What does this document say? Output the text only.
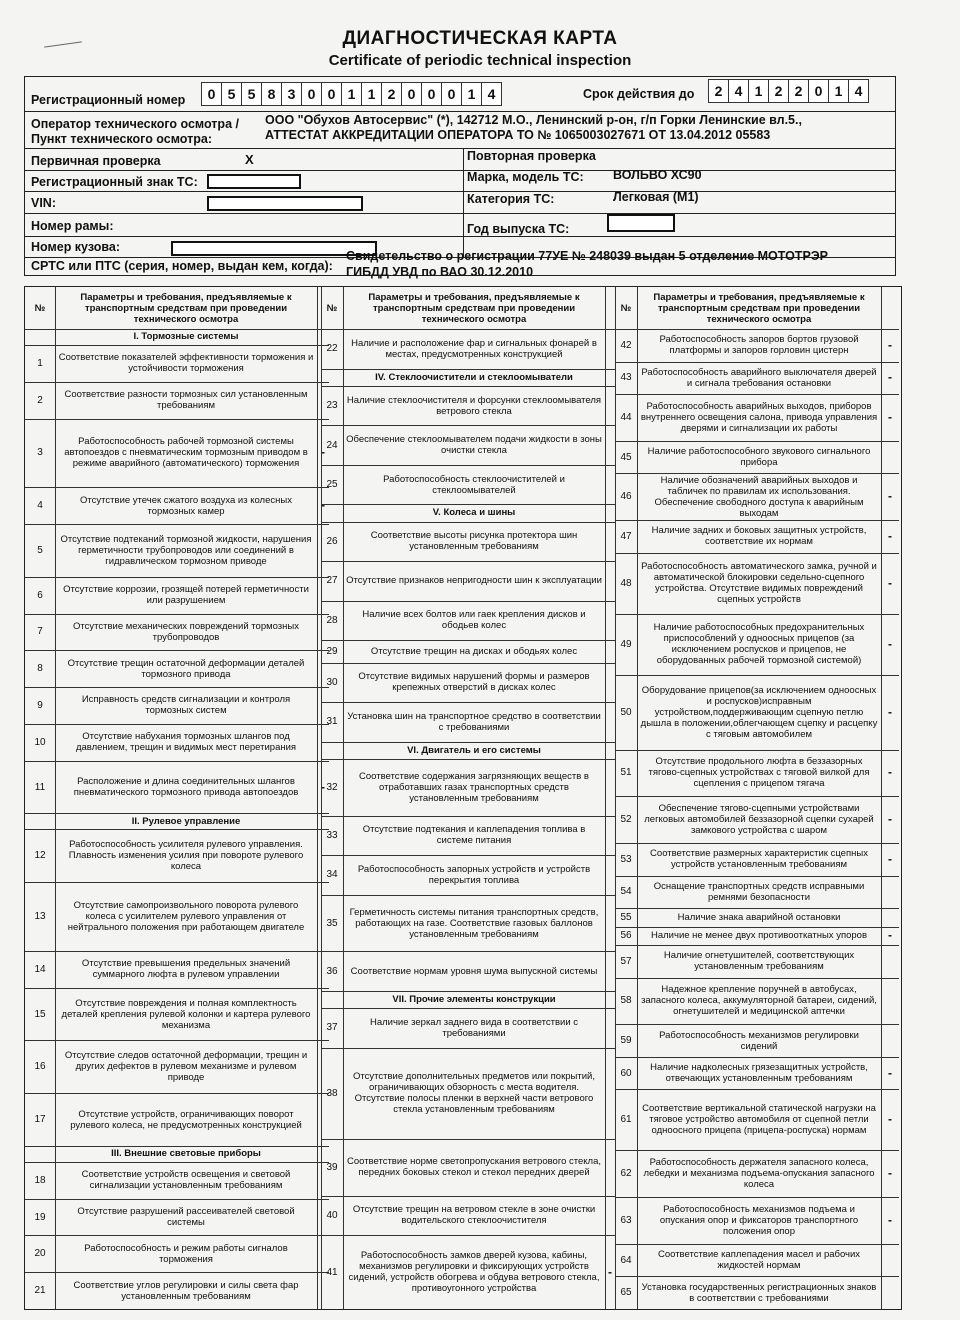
ДИАГНОСТИЧЕСКАЯ КАРТА
Certificate of periodic technical inspection
Регистрационный номер	0 5 5 8 3 0 0 1 1 2 0 0 0 1 4	Срок действия до	2 4 1 2 2 0 1 4
Оператор технического осмотра /
Пункт технического осмотра:
ООО "Обухов Автосервис" (*), 142712 М.О., Ленинский р-он, г/п Горки Ленинские вл.5.,
АТТЕСТАТ АККРЕДИТАЦИИ ОПЕРАТОРА ТО № 1065003027671 ОТ 13.04.2012 05583
Первичная проверка	X	Повторная проверка
Регистрационный знак ТС:	Марка, модель ТС: ВОЛЬВО ХС90
VIN:	Категория ТС:	Легковая (М1)
Номер рамы:	Год выпуска ТС:
Номер кузова:
СРТС или ПТС (серия, номер, выдан кем, когда):
Свидетельство о регистрации 77УЕ № 248039 выдан 5 отделение МОТОТРЭР
ГИБДД УВД по ВАО 30.12.2010
№
Параметры и требования, предъявляемые к транспортным средствам при проведении технического осмотра
I. Тормозные системы
1	Соответствие показателей эффективности торможения и устойчивости торможения
2	Соответствие разности тормозных сил установленным требованиям
3
Работоспособность рабочей тормозной системы автопоездов с пневматическим тормозным приводом в режиме аварийного (автоматического) торможения
-
4	Отсутствие утечек сжатого воздуха из колесных тормозных камер	-
5
Отсутствие подтеканий тормозной жидкости, нарушения герметичности трубопроводов или соединений в гидравлическом тормозном приводе
6	Отсутствие коррозии, грозящей потерей герметичности или разрушением
7	Отсутствие механических повреждений тормозных трубопроводов
8	Отсутствие трещин остаточной деформации деталей тормозного привода
9	Исправность средств сигнализации и контроля тормозных систем
10	Отсутствие набухания тормозных шлангов под давлением, трещин и видимых мест перетирания
11	Расположение и длина соединительных шлангов пневматического тормозного привода автопоездов	-
II. Рулевое управление
12
Работоспособность усилителя рулевого управления. Плавность изменения усилия при повороте рулевого колеса
13
Отсутствие самопроизвольного поворота рулевого колеса с усилителем рулевого управления от нейтрального положения при работающем двигателе
14	Отсутствие превышения предельных значений суммарного люфта в рулевом управлении
15
Отсутствие повреждения и полная комплектность деталей крепления рулевой колонки и картера рулевого механизма
16
Отсутствие следов остаточной деформации, трещин и других дефектов в рулевом механизме и рулевом приводе
17	Отсутствие устройств, ограничивающих поворот рулевого колеса, не предусмотренных конструкцией
III. Внешние световые приборы
18	Соответствие устройств освещения и световой сигнализации установленным требованиям
19	Отсутствие разрушений рассеивателей световой системы
20	Работоспособность и режим работы сигналов торможения
21	Соответствие углов регулировки и силы света фар установленным требованиям
№
Параметры и требования, предъявляемые к транспортным средствам при проведении технического осмотра
22	Наличие и расположение фар и сигнальных фонарей в местах, предусмотренных конструкцией
IV. Стеклоочистители и стеклоомыватели
23 Наличие стеклоочистителя и форсунки стеклоомывателя ветрового стекла
24 Обеспечение стеклоомывателем подачи жидкости в зоны очистки стекла
25	Работоспособность стеклоочистителей и стеклоомывателей
V. Колеса и шины
26	Соответствие высоты рисунка протектора шин установленным требованиям
27 Отсутствие признаков непригодности шин к эксплуатации
28	Наличие всех болтов или гаек крепления дисков и ободьев колес
29	Отсутствие трещин на дисках и ободьях колес
30	Отсутствие видимых нарушений формы и размеров крепежных отверстий в дисках колес
31	Установка шин на транспортное средство в соответствии с требованиями
VI. Двигатель и его системы
32
Соответствие содержания загрязняющих веществ в отработавших газах транспортных средств установленным требованиям
33	Отсутствие подтекания и каплепадения топлива в системе питания
34	Работоспособность запорных устройств и устройств перекрытия топлива
35
Герметичность системы питания транспортных средств, работающих на газе. Соответствие газовых баллонов установленным требованиям
36	Соответствие нормам уровня шума выпускной системы
VII. Прочие элементы конструкции
37	Наличие зеркал заднего вида в соответствии с требованиями
38
Отсутствие дополнительных предметов или покрытий, ограничивающих обзорность с места водителя. Отсутствие полосы пленки в верхней части ветрового стекла установленным требованиям
39 Соответствие норме светопропускания ветрового стекла, передних боковых стекол и стекол передних дверей
40	Отсутствие трещин на ветровом стекле в зоне очистки водительского стеклоочистителя
41
Работоспособность замков дверей кузова, кабины, механизмов регулировки и фиксирующих устройств сидений, устройств обогрева и обдува ветрового стекла, противоугонного устройства
-
№
Параметры и требования, предъявляемые к транспортным средствам при проведении технического осмотра
42	Работоспособность запоров бортов грузовой платформы и запоров горловин цистерн	-
43	Работоспособность аварийного выключателя дверей и сигнала требования остановки	-
44
Работоспособность аварийных выходов, приборов внутреннего освещения салона, привода управления дверями и сигнализации их работы
-
45	Наличие работоспособного звукового сигнального прибора
46
Наличие обозначений аварийных выходов и табличек по правилам их использования. Обеспечение свободного доступа к аварийным выходам
-
47	Наличие задних и боковых защитных устройств, соответствие их нормам	-
48
Работоспособность автоматического замка, ручной и автоматической блокировки седельно-сцепного устройства. Отсутствие видимых повреждений сцепных устройств
-
49
Наличие работоспособных предохранительных приспособлений у одноосных прицепов (за исключением роспусков и прицепов, не оборудованных рабочей тормозной системой)
-
50
Оборудование прицепов(за исключением одноосных и роспусков)исправным устройством,поддерживающим сцепную петлю дышла в положении,облегчающем сцепку и расцепку с тяговым автомобилем
-
51
Отсутствие продольного люфта в беззазорных тягово-сцепных устройствах с тяговой вилкой для сцепления с прицепом тягача
-
52
Обеспечение тягово-сцепными устройствами легковых автомобилей беззазорной сцепки сухарей замкового устройства с шаром
-
53	Соответствие размерных характеристик сцепных устройств установленным требованиям	-
54	Оснащение транспортных средств исправными ремнями безопасности
55	Наличие знака аварийной остановки
56	Наличие не менее двух противооткатных упоров	-
57	Наличие огнетушителей, соответствующих установленным требованиям
58
Надежное крепление поручней в автобусах, запасного колеса, аккумуляторной батареи, сидений, огнетушителей и медицинской аптечки
59	Работоспособность механизмов регулировки сидений
60	Наличие надколесных грязезащитных устройств, отвечающих установленным требованиям	-
61
Соответствие вертикальной статической нагрузки на тяговое устройство автомобиля от сцепной петли одноосного прицепа (прицепа-роспуска) нормам
-
62
Работоспособность держателя запасного колеса, лебедки и механизма подъема-опускания запасного колеса
-
63
Работоспособность механизмов подъема и опускания опор и фиксаторов транспортного положения опор
-
64	Соответствие каплепадения масел и рабочих жидкостей нормам
65	Установка государственных регистрационных знаков в соответствии с требованиями
